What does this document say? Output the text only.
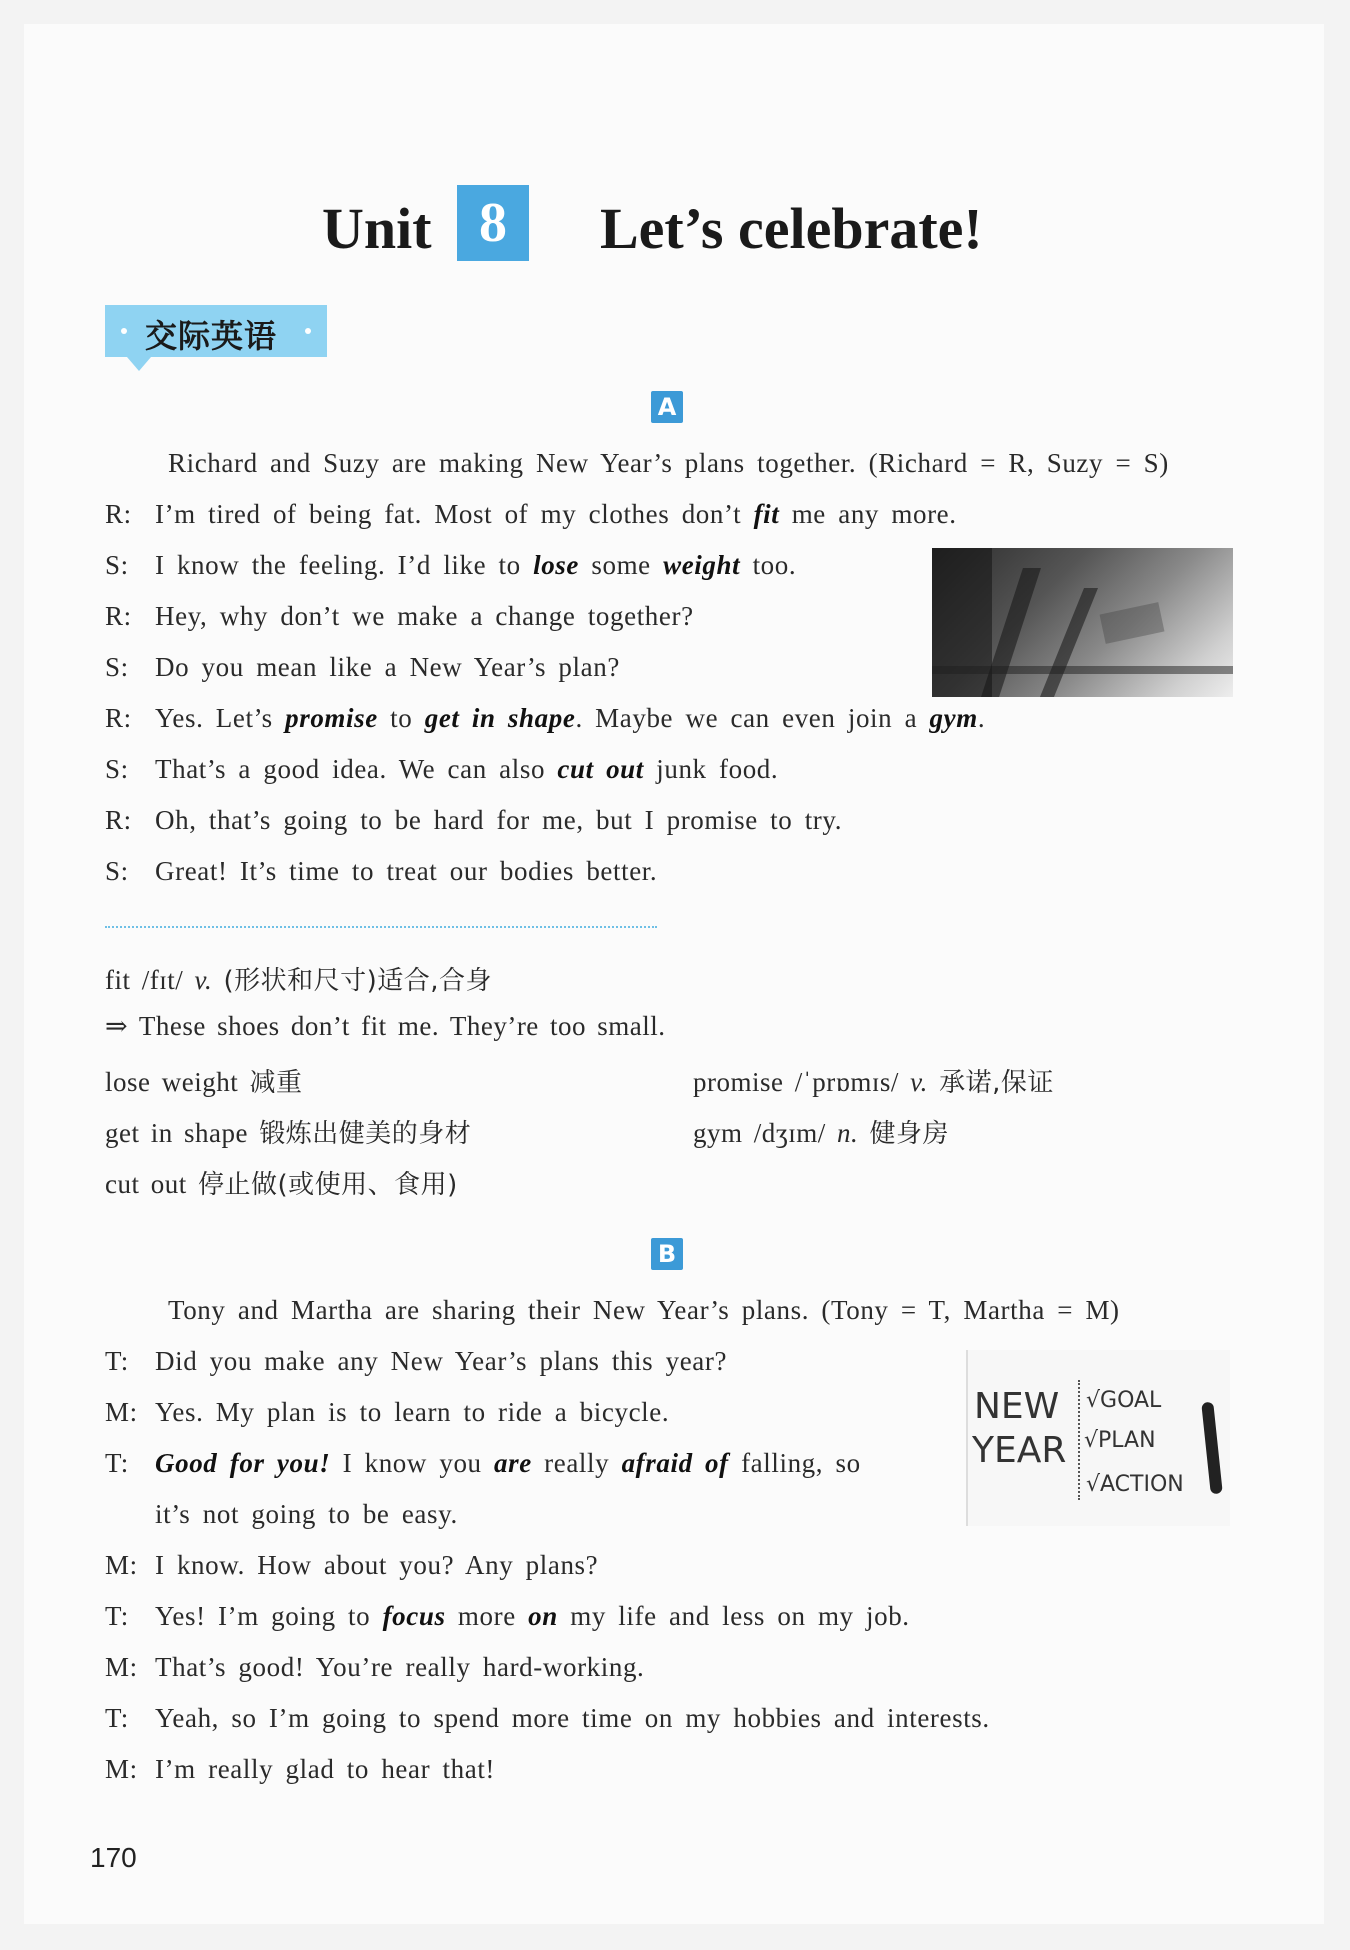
Unit 8	Let’s celebrate!
交际英语
A
Richard and Suzy are making New Year’s plans together. (Richard = R, Suzy = S)
R: I’m tired of being fat. Most of my clothes don’t fit me any more.
S: I know the feeling. I’d like to lose some weight too.
R: Hey, why don’t we make a change together?
S: Do you mean like a New Year’s plan?
R: Yes. Let’s promise to get in shape. Maybe we can even join a gym.
S: That’s a good idea. We can also cut out junk food.
R: Oh, that’s going to be hard for me, but I promise to try.
S: Great! It’s time to treat our bodies better.
fit /fɪt/ v. (形状和尺寸)适合,合身
⇒ These shoes don’t fit me. They’re too small.
lose weight 减重	promise /ˈprɒmɪs/ v. 承诺,保证
get in shape 锻炼出健美的身材	gym /dʒɪm/ n. 健身房
cut out 停止做(或使用、食用)
B
Tony and Martha are sharing their New Year’s plans. (Tony = T, Martha = M)
T: Did you make any New Year’s plans this year?
M: Yes. My plan is to learn to ride a bicycle.
T: Good for you! I know you are really afraid of falling, so
it’s not going to be easy.
M: I know. How about you? Any plans?
T: Yes! I’m going to focus more on my life and less on my job.
M: That’s good! You’re really hard-working.
T: Yeah, so I’m going to spend more time on my hobbies and interests.
M: I’m really glad to hear that!
NEW
YEAR
√GOAL
√PLAN
√ACTION
170
